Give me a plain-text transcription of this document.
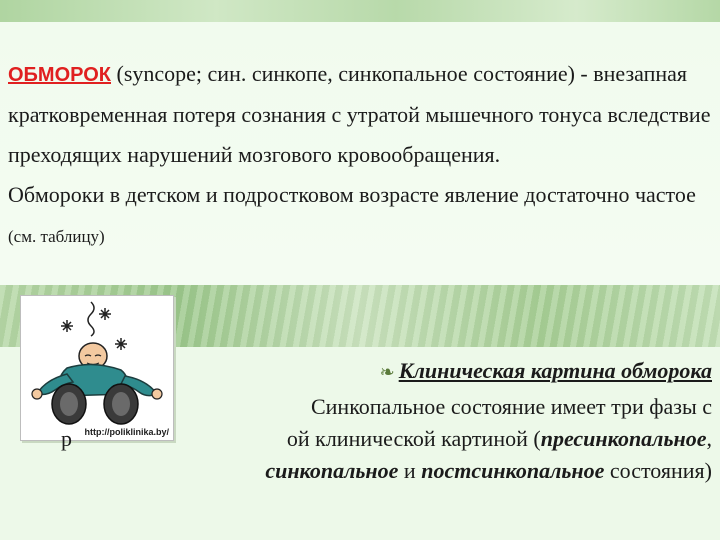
ОБМОРОК (syncope; син. синкопе, синкопальное состояние) - внезапная кратковременная потеря сознания с утратой мышечного тонуса вследствие преходящих нарушений мозгового кровообращения.
Обмороки в детском и подростковом возрасте явление достаточно частое (см. таблицу)

http://poliklinika.by/
❧ Клиническая картина обморока
Синкопальное состояние имеет три фазы с
р	ой клинической картиной (пресинкопальное,
синкопальное и постсинкопальное состояния)
